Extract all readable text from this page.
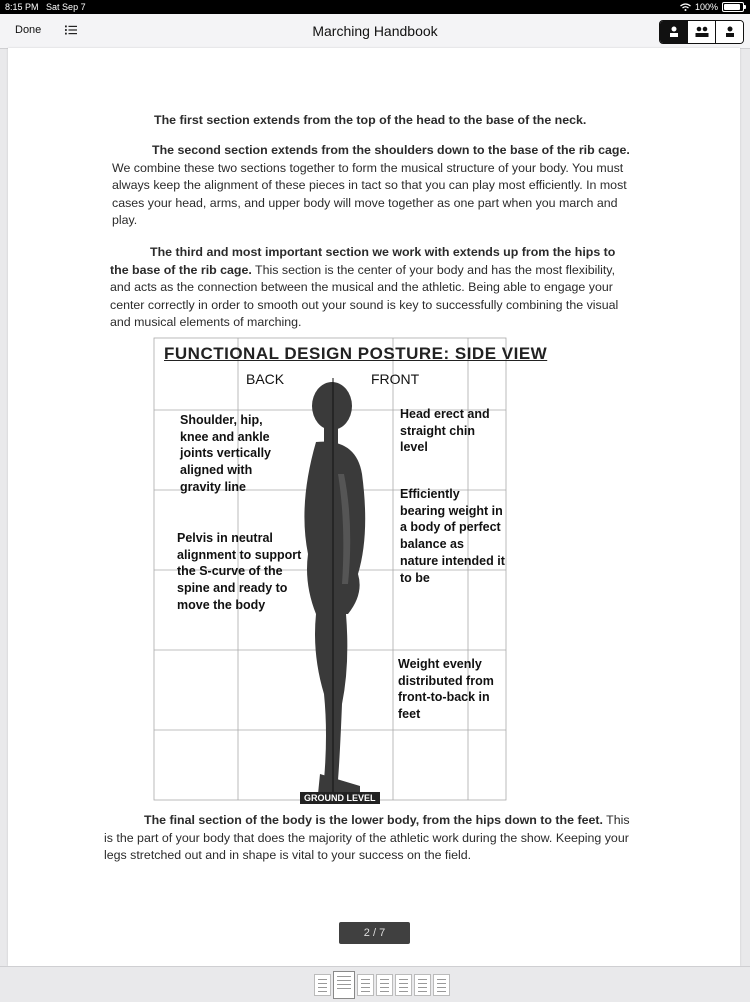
8:15 PM Sat Sep 7	100%
Done	Marching Handbook
The first section extends from the top of the head to the base of the neck.
The second section extends from the shoulders down to the base of the rib cage. We combine these two sections together to form the musical structure of your body. You must always keep the alignment of these pieces in tact so that you can play most efficiently. In most cases your head, arms, and upper body will move together as one part when you march and play.
The third and most important section we work with extends up from the hips to the base of the rib cage. This section is the center of your body and has the most flexibility, and acts as the connection between the musical and the athletic. Being able to engage your center correctly in order to smooth out your sound is key to successfully combining the visual and musical elements of marching.
FUNCTIONAL DESIGN POSTURE: SIDE VIEW
BACK	FRONT
Shoulder, hip, knee and ankle joints vertically aligned with gravity line
Pelvis in neutral alignment to support the S-curve of the spine and ready to move the body
Head erect and straight chin level
Efficiently bearing weight in a body of perfect balance as nature intended it to be
Weight evenly distributed from front-to-back in feet
GROUND LEVEL
The final section of the body is the lower body, from the hips down to the feet. This is the part of your body that does the majority of the athletic work during the show. Keeping your legs stretched out and in shape is vital to your success on the field.
2 / 7
